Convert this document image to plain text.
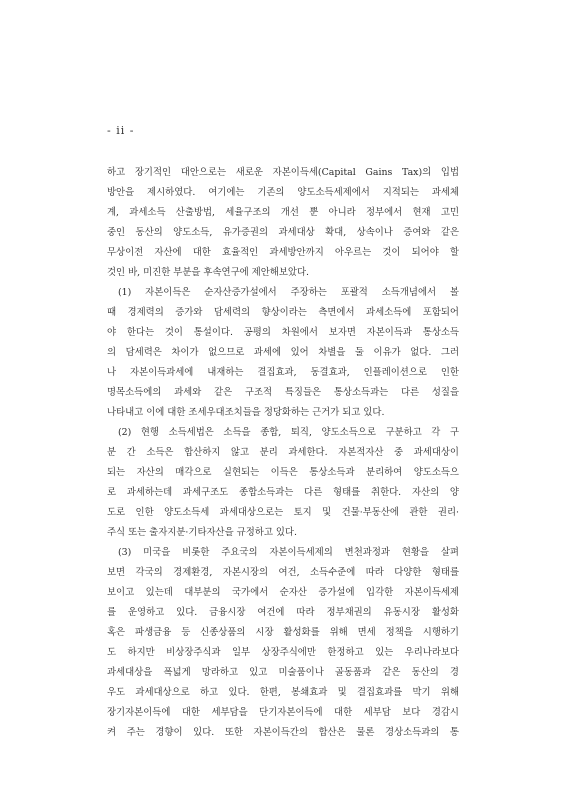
- ii -
하고 장기적인 대안으로는 새로운 자본이득세(Capital Gains Tax)의 입법
방안을 제시하였다. 여기에는 기존의 양도소득세제에서 지적되는 과세체
계, 과세소득 산출방법, 세율구조의 개선 뿐 아니라 정부에서 현재 고민
중인 동산의 양도소득, 유가증권의 과세대상 확대, 상속이나 증여와 같은
무상이전 자산에 대한 효율적인 과세방안까지 아우르는 것이 되어야 할
것인 바, 미진한 부분을 후속연구에 제안해보았다.
(1) 자본이득은 순자산증가설에서 주장하는 포괄적 소득개념에서 볼
때 경제력의 증가와 담세력의 향상이라는 측면에서 과세소득에 포함되어
야 한다는 것이 통설이다. 공평의 차원에서 보자면 자본이득과 통상소득
의 담세력은 차이가 없으므로 과세에 있어 차별을 둘 이유가 없다. 그러
나 자본이득과세에 내재하는 결집효과, 동결효과, 인플레이션으로 인한
명목소득에의 과세와 같은 구조적 특징들은 통상소득과는 다른 성질을
나타내고 이에 대한 조세우대조치들을 정당화하는 근거가 되고 있다.
(2) 현행 소득세법은 소득을 종합, 퇴직, 양도소득으로 구분하고 각 구
분 간 소득은 합산하지 않고 분리 과세한다. 자본적자산 중 과세대상이
되는 자산의 매각으로 실현되는 이득은 통상소득과 분리하여 양도소득으
로 과세하는데 과세구조도 종합소득과는 다른 형태를 취한다. 자산의 양
도로 인한 양도소득세 과세대상으로는 토지 및 건물·부동산에 관한 권리·
주식 또는 출자지분·기타자산을 규정하고 있다.
(3) 미국을 비롯한 주요국의 자본이득세제의 변천과정과 현황을 살펴
보면 각국의 경제환경, 자본시장의 여건, 소득수준에 따라 다양한 형태를
보이고 있는데 대부분의 국가에서 순자산 증가설에 입각한 자본이득세제
를 운영하고 있다. 금융시장 여건에 따라 정부채권의 유동시장 활성화
혹은 파생금융 등 신종상품의 시장 활성화를 위해 면세 정책을 시행하기
도 하지만 비상장주식과 일부 상장주식에만 한정하고 있는 우리나라보다
과세대상을 폭넓게 망라하고 있고 미술품이나 골동품과 같은 동산의 경
우도 과세대상으로 하고 있다. 한편, 봉쇄효과 및 결집효과를 막기 위해
장기자본이득에 대한 세부담을 단기자본이득에 대한 세부담 보다 경감시
켜 주는 경향이 있다. 또한 자본이득간의 합산은 물론 경상소득과의 통
